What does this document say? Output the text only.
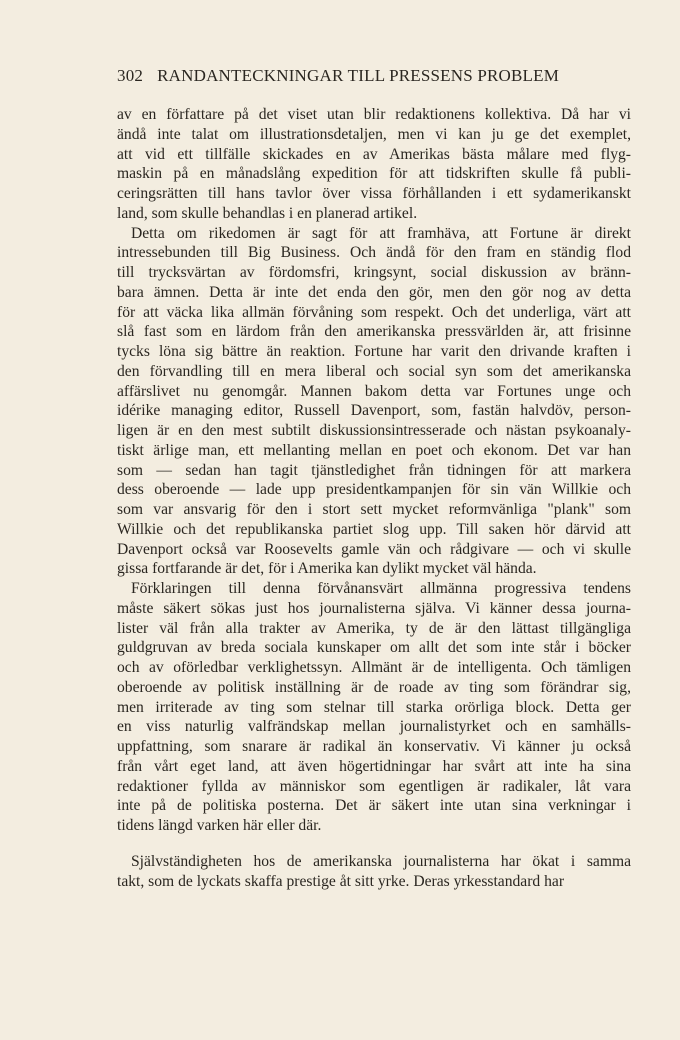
302 RANDANTECKNINGAR TILL PRESSENS PROBLEM
av en författare på det viset utan blir redaktionens kollektiva. Då har vi
ändå inte talat om illustrationsdetaljen, men vi kan ju ge det exemplet,
att vid ett tillfälle skickades en av Amerikas bästa målare med flyg-
maskin på en månadslång expedition för att tidskriften skulle få publi-
ceringsrätten till hans tavlor över vissa förhållanden i ett sydamerikanskt
land, som skulle behandlas i en planerad artikel.
Detta om rikedomen är sagt för att framhäva, att Fortune är direkt
intressebunden till Big Business. Och ändå för den fram en ständig flod
till trycksvärtan av fördomsfri, kringsynt, social diskussion av bränn-
bara ämnen. Detta är inte det enda den gör, men den gör nog av detta
för att väcka lika allmän förvåning som respekt. Och det underliga, värt att
slå fast som en lärdom från den amerikanska pressvärlden är, att frisinne
tycks löna sig bättre än reaktion. Fortune har varit den drivande kraften i
den förvandling till en mera liberal och social syn som det amerikanska
affärslivet nu genomgår. Mannen bakom detta var Fortunes unge och
idérike managing editor, Russell Davenport, som, fastän halvdöv, person-
ligen är en den mest subtilt diskussionsintresserade och nästan psykoanaly-
tiskt ärlige man, ett mellanting mellan en poet och ekonom. Det var han
som — sedan han tagit tjänstledighet från tidningen för att markera
dess oberoende — lade upp presidentkampanjen för sin vän Willkie och
som var ansvarig för den i stort sett mycket reformvänliga "plank" som
Willkie och det republikanska partiet slog upp. Till saken hör därvid att
Davenport också var Roosevelts gamle vän och rådgivare — och vi skulle
gissa fortfarande är det, för i Amerika kan dylikt mycket väl hända.
Förklaringen till denna förvånansvärt allmänna progressiva tendens
måste säkert sökas just hos journalisterna själva. Vi känner dessa journa-
lister väl från alla trakter av Amerika, ty de är den lättast tillgängliga
guldgruvan av breda sociala kunskaper om allt det som inte står i böcker
och av oförledbar verklighetssyn. Allmänt är de intelligenta. Och tämligen
oberoende av politisk inställning är de roade av ting som förändrar sig,
men irriterade av ting som stelnar till starka orörliga block. Detta ger
en viss naturlig valfrändskap mellan journalistyrket och en samhälls-
uppfattning, som snarare är radikal än konservativ. Vi känner ju också
från vårt eget land, att även högertidningar har svårt att inte ha sina
redaktioner fyllda av människor som egentligen är radikaler, låt vara
inte på de politiska posterna. Det är säkert inte utan sina verkningar i
tidens längd varken här eller där.
Självständigheten hos de amerikanska journalisterna har ökat i samma
takt, som de lyckats skaffa prestige åt sitt yrke. Deras yrkesstandard har
